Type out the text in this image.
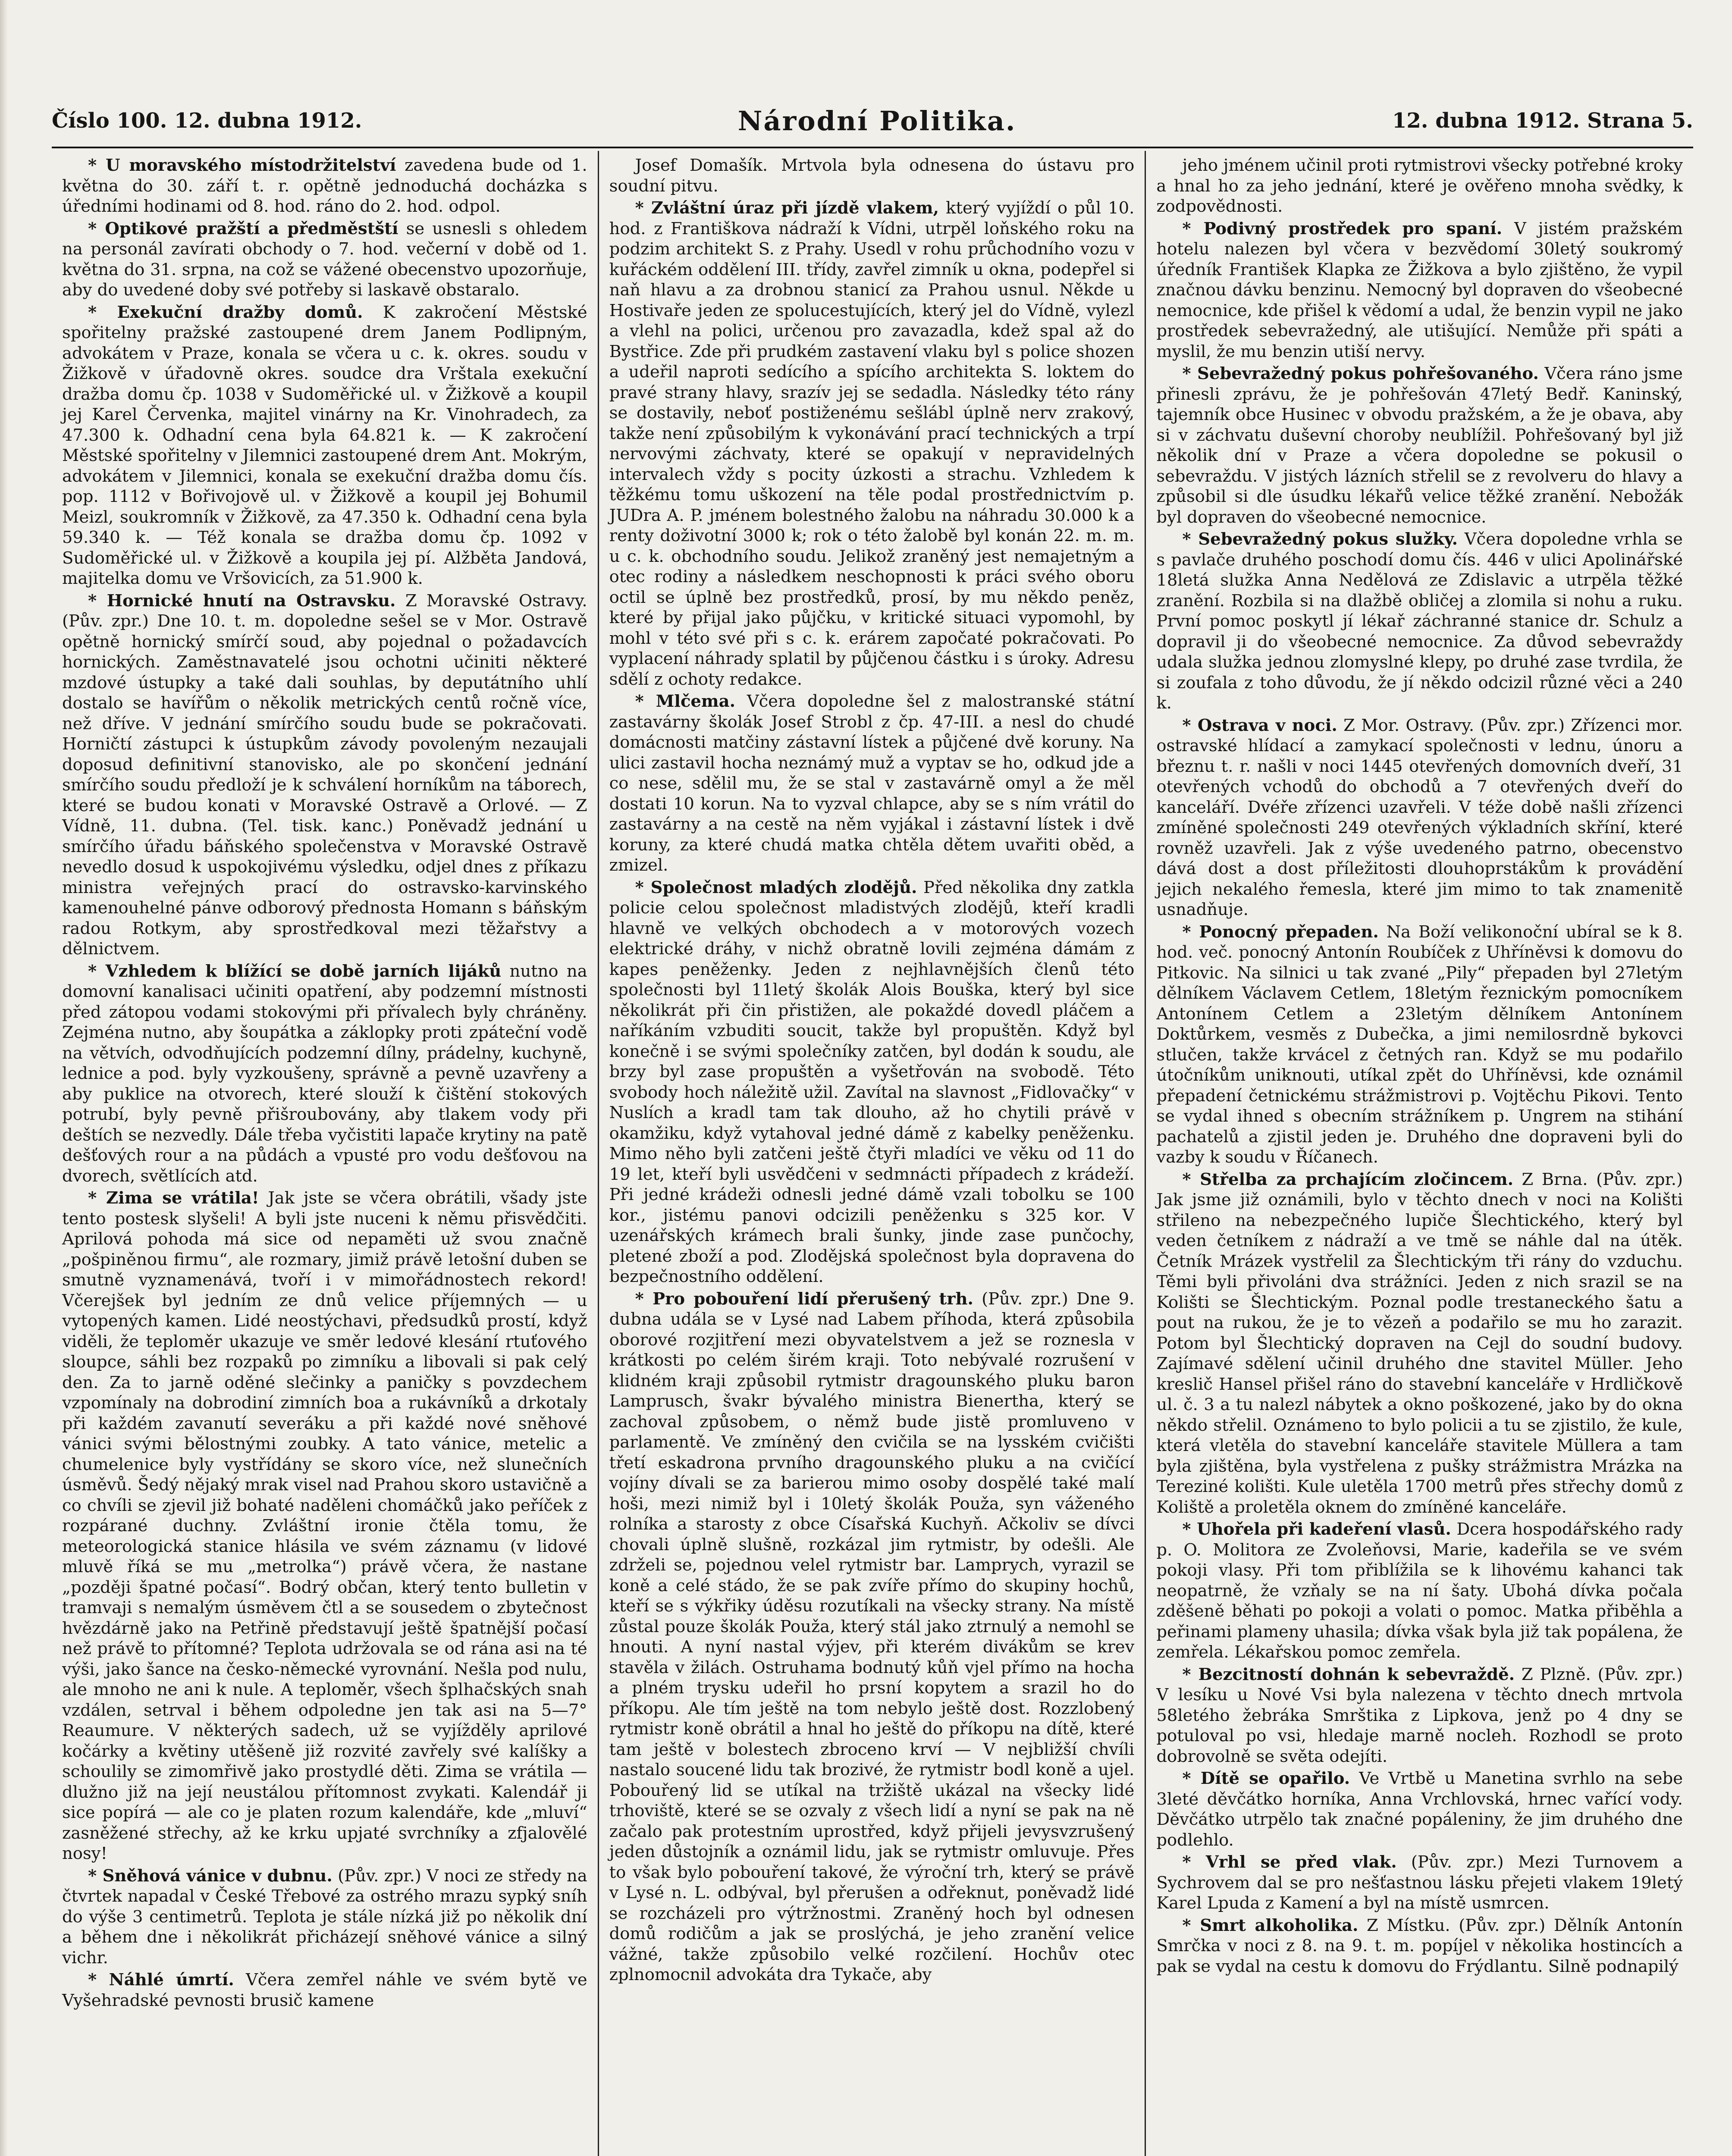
Číslo 100. 12. dubna 1912.	Národní Politika.	12. dubna 1912. Strana 5.

* U moravského místodržitelství zavedena bude od 1. května do 30. září t. r. opětně jednoduchá docházka s úředními hodinami od 8. hod. ráno do 2. hod. odpol.

* Optikové pražští a předměstští se usnesli s ohledem na personál zavírati obchody o 7. hod. večerní v době od 1. května do 31. srpna, na což se vážené obecenstvo upozorňuje, aby do uvedené doby své potřeby si laskavě obstaralo.

* Exekuční dražby domů. K zakročení Městské spořitelny pražské zastoupené drem Janem Podlipným, advokátem v Praze, konala se včera u c. k. okres. soudu v Žižkově v úřadovně okres. soudce dra Vrštala exekuční dražba domu čp. 1038 v Sudoměřické ul. v Žižkově a koupil jej Karel Červenka, majitel vinárny na Kr. Vinohradech, za 47.300 k. Odhadní cena byla 64.821 k. — K zakročení Městské spořitelny v Jilemnici zastoupené drem Ant. Mokrým, advokátem v Jilemnici, konala se exekuční dražba domu čís. pop. 1112 v Bořivojově ul. v Žižkově a koupil jej Bohumil Meizl, soukromník v Žižkově, za 47.350 k. Odhadní cena byla 59.340 k. — Též konala se dražba domu čp. 1092 v Sudoměřické ul. v Žižkově a koupila jej pí. Alžběta Jandová, majitelka domu ve Vršovicích, za 51.900 k.

* Hornické hnutí na Ostravsku. Z Moravské Ostravy. (Pův. zpr.) Dne 10. t. m. dopoledne sešel se v Mor. Ostravě opětně hornický smírčí soud, aby pojednal o požadavcích hornických. Zaměstnavatelé jsou ochotni učiniti některé mzdové ústupky a také dali souhlas, by deputátního uhlí dostalo se havířům o několik metrických centů ročně více, než dříve. V jednání smírčího soudu bude se pokračovati. Horničtí zástupci k ústupkům závody povoleným nezaujali doposud definitivní stanovisko, ale po skončení jednání smírčího soudu předloží je k schválení horníkům na táborech, které se budou konati v Moravské Ostravě a Orlové. — Z Vídně, 11. dubna. (Tel. tisk. kanc.) Poněvadž jednání u smírčího úřadu báňského společenstva v Moravské Ostravě nevedlo dosud k uspokojivému výsledku, odjel dnes z příkazu ministra veřejných prací do ostravsko-karvinského kamenouhelné pánve odborový přednosta Homann s báňským radou Rotkym, aby sprostředkoval mezi těžařstvy a dělnictvem.

* Vzhledem k blížící se době jarních lijáků nutno na domovní kanalisaci učiniti opatření, aby podzemní místnosti před zátopou vodami stokovými při přívalech byly chráněny. Zejména nutno, aby šoupátka a záklopky proti zpáteční vodě na větvích, odvodňujících podzemní dílny, prádelny, kuchyně, lednice a pod. byly vyzkoušeny, správně a pevně uzavřeny a aby puklice na otvorech, které slouží k čištění stokových potrubí, byly pevně přišroubovány, aby tlakem vody při deštích se nezvedly. Dále třeba vyčistiti lapače krytiny na patě dešťových rour a na půdách a vpusté pro vodu dešťovou na dvorech, světlících atd.

* Zima se vrátila! Jak jste se včera obrátili, všady jste tento postesk slyšeli! A byli jste nuceni k němu přisvědčiti. Aprilová pohoda má sice od nepaměti už svou značně „pošpiněnou firmu“, ale rozmary, jimiž právě letošní duben se smutně vyznamenává, tvoří i v mimořádnostech rekord! Včerejšek byl jedním ze dnů velice příjemných — u vytopených kamen. Lidé neostýchavi, předsudků prostí, když viděli, že teploměr ukazuje ve směr ledové klesání rtuťového sloupce, sáhli bez rozpaků po zimníku a libovali si pak celý den. Za to jarně oděné slečinky a paničky s povzdechem vzpomínaly na dobrodiní zimních boa a rukávníků a drkotaly při každém zavanutí severáku a při každé nové sněhové vánici svými bělostnými zoubky. A tato vánice, metelic a chumelenice byly vystřídány se skoro více, než slunečních úsměvů. Šedý nějaký mrak visel nad Prahou skoro ustavičně a co chvíli se zjevil již bohaté naděleni chomáčků jako peříček z rozpárané duchny. Zvláštní ironie čtěla tomu, že meteorologická stanice hlásila ve svém záznamu (v lidové mluvě říká se mu „metrolka“) právě včera, že nastane „později špatné počasí“. Bodrý občan, který tento bulletin v tramvaji s nemalým úsměvem čtl a se sousedem o zbytečnost hvězdárně jako na Petřině představují ještě špatnější počasí než právě to přítomné? Teplota udržovala se od rána asi na té výši, jako šance na česko-německé vyrovnání. Nešla pod nulu, ale mnoho ne ani k nule. A teploměr, všech šplhačských snah vzdálen, setrval i během odpoledne jen tak asi na 5—7° Reaumure. V některých sadech, už se vyjížděly aprilové kočárky a květiny utěšeně již rozvité zavřely své kalíšky a schoulily se zimomřivě jako prostydlé děti. Zima se vrátila — dlužno již na její neustálou přítomnost zvykati. Kalendář ji sice popírá — ale co je platen rozum kalendáře, kde „mluví“ zasněžené střechy, až ke krku upjaté svrchníky a zfjalovělé nosy!

* Sněhová vánice v dubnu. (Pův. zpr.) V noci ze středy na čtvrtek napadal v České Třebové za ostrého mrazu sypký sníh do výše 3 centimetrů. Teplota je stále nízká již po několik dní a během dne i několikrát přicházejí sněhové vánice a silný vichr.

* Náhlé úmrtí. Včera zemřel náhle ve svém bytě ve Vyšehradské pevnosti brusič kamene

Josef Domašík. Mrtvola byla odnesena do ústavu pro soudní pitvu.

* Zvláštní úraz při jízdě vlakem, který vyjíždí o půl 10. hod. z Františkova nádraží k Vídni, utrpěl loňského roku na podzim architekt S. z Prahy. Usedl v rohu průchodního vozu v kuřáckém oddělení III. třídy, zavřel zimník u okna, podepřel si naň hlavu a za drobnou stanicí za Prahou usnul. Někde u Hostivaře jeden ze spolucestujících, který jel do Vídně, vylezl a vlehl na polici, určenou pro zavazadla, kdež spal až do Bystřice. Zde při prudkém zastavení vlaku byl s police shozen a udeřil naproti sedícího a spícího architekta S. loktem do pravé strany hlavy, srazív jej se sedadla. Následky této rány se dostavily, neboť postiženému sešlábl úplně nerv zrakový, takže není způsobilým k vykonávání prací technických a trpí nervovými záchvaty, které se opakují v nepravidelných intervalech vždy s pocity úzkosti a strachu. Vzhledem k těžkému tomu uškození na těle podal prostřednictvím p. JUDra A. P. jménem bolestného žalobu na náhradu 30.000 k a renty doživotní 3000 k; rok o této žalobě byl konán 22. m. m. u c. k. obchodního soudu. Jelikož zraněný jest nemajetným a otec rodiny a následkem neschopnosti k práci svého oboru octil se úplně bez prostředků, prosí, by mu někdo peněz, které by přijal jako půjčku, v kritické situaci vypomohl, by mohl v této své při s c. k. erárem započaté pokračovati. Po vyplacení náhrady splatil by půjčenou částku i s úroky. Adresu sdělí z ochoty redakce.

* Mlčema. Včera dopoledne šel z malostranské státní zastavárny školák Josef Strobl z čp. 47-III. a nesl do chudé domácnosti matčiny zástavní lístek a půjčené dvě koruny. Na ulici zastavil hocha neznámý muž a vyptav se ho, odkud jde a co nese, sdělil mu, že se stal v zastavárně omyl a že měl dostati 10 korun. Na to vyzval chlapce, aby se s ním vrátil do zastavárny a na cestě na něm vyjákal i zástavní lístek i dvě koruny, za které chudá matka chtěla dětem uvařiti oběd, a zmizel.

* Společnost mladých zlodějů. Před několika dny zatkla policie celou společnost mladistvých zlodějů, kteří kradli hlavně ve velkých obchodech a v motorových vozech elektrické dráhy, v nichž obratně lovili zejména dámám z kapes peněženky. Jeden z nejhlavnějších členů této společnosti byl 11letý školák Alois Bouška, který byl sice několikrát při čin přistižen, ale pokaždé dovedl pláčem a naříkáním vzbuditi soucit, takže byl propuštěn. Když byl konečně i se svými společníky zatčen, byl dodán k soudu, ale brzy byl zase propuštěn a vyšetřován na svobodě. Této svobody hoch náležitě užil. Zavítal na slavnost „Fidlovačky“ v Nuslích a kradl tam tak dlouho, až ho chytili právě v okamžiku, když vytahoval jedné dámě z kabelky peněženku. Mimo něho byli zatčeni ještě čtyři mladíci ve věku od 11 do 19 let, kteří byli usvědčeni v sedmnácti případech z krádeží. Při jedné krádeži odnesli jedné dámě vzali tobolku se 100 kor., jistému panovi odcizili peněženku s 325 kor. V uzenářských krámech brali šunky, jinde zase punčochy, pletené zboží a pod. Zlodějská společnost byla dopravena do bezpečnostního oddělení.

* Pro pobouření lidí přerušený trh. (Pův. zpr.) Dne 9. dubna udála se v Lysé nad Labem příhoda, která způsobila oborové rozjitření mezi obyvatelstvem a jež se roznesla v krátkosti po celém širém kraji. Toto nebývalé rozrušení v klidném kraji způsobil rytmistr dragounského pluku baron Lamprusch, švakr bývalého ministra Bienertha, který se zachoval způsobem, o němž bude jistě promluveno v parlamentě. Ve zmíněný den cvičila se na lysském cvičišti třetí eskadrona prvního dragounského pluku a na cvičící vojíny dívali se za barierou mimo osoby dospělé také malí hoši, mezi nimiž byl i 10letý školák Použa, syn váženého rolníka a starosty z obce Císařská Kuchyň. Ačkoliv se dívci chovali úplně slušně, rozkázal jim rytmistr, by odešli. Ale zdrželi se, pojednou velel rytmistr bar. Lamprych, vyrazil se koně a celé stádo, že se pak zvíře přímo do skupiny hochů, kteří se s výkřiky úděsu rozutíkali na všecky strany. Na místě zůstal pouze školák Použa, který stál jako ztrnulý a nemohl se hnouti. A nyní nastal výjev, při kterém divákům se krev stavěla v žilách. Ostruhama bodnutý kůň vjel přímo na hocha a plném trysku udeřil ho prsní kopytem a srazil ho do příkopu. Ale tím ještě na tom nebylo ještě dost. Rozzlobený rytmistr koně obrátil a hnal ho ještě do příkopu na dítě, které tam ještě v bolestech zbroceno krví — V nejbližší chvíli nastalo soucené lidu tak brozivé, že rytmistr bodl koně a ujel. Pobouřený lid se utíkal na tržiště ukázal na všecky lidé trhoviště, které se se ozvaly z všech lidí a nyní se pak na ně začalo pak protestním uprostřed, když přijeli jevysvzrušený jeden důstojník a oznámil lidu, jak se rytmistr omluvuje. Přes to však bylo pobouření takové, že výroční trh, který se právě v Lysé n. L. odbýval, byl přerušen a odřeknut, poněvadž lidé se rozcházeli pro výtržnostmi. Zraněný hoch byl odnesen domů rodičům a jak se proslýchá, je jeho zranění velice vážné, takže způsobilo velké rozčilení. Hochův otec zplnomocnil advokáta dra Tykače, aby

jeho jménem učinil proti rytmistrovi všecky potřebné kroky a hnal ho za jeho jednání, které je ověřeno mnoha svědky, k zodpovědnosti.

* Podivný prostředek pro spaní. V jistém pražském hotelu nalezen byl včera v bezvědomí 30letý soukromý úředník František Klapka ze Žižkova a bylo zjištěno, že vypil značnou dávku benzinu. Nemocný byl dopraven do všeobecné nemocnice, kde přišel k vědomí a udal, že benzin vypil ne jako prostředek sebevražedný, ale utišující. Nemůže při spáti a myslil, že mu benzin utiší nervy.

* Sebevražedný pokus pohřešovaného. Včera ráno jsme přinesli zprávu, že je pohřešován 47letý Bedř. Kaninský, tajemník obce Husinec v obvodu pražském, a že je obava, aby si v záchvatu duševní choroby neublížil. Pohřešovaný byl již několik dní v Praze a včera dopoledne se pokusil o sebevraždu. V jistých lázních střelil se z revolveru do hlavy a způsobil si dle úsudku lékařů velice těžké zranění. Nebožák byl dopraven do všeobecné nemocnice.

* Sebevražedný pokus služky. Včera dopoledne vrhla se s pavlače druhého poschodí domu čís. 446 v ulici Apolinářské 18letá služka Anna Nedělová ze Zdislavic a utrpěla těžké zranění. Rozbila si na dlažbě obličej a zlomila si nohu a ruku. První pomoc poskytl jí lékař záchranné stanice dr. Schulz a dopravil ji do všeobecné nemocnice. Za důvod sebevraždy udala služka jednou zlomyslné klepy, po druhé zase tvrdila, že si zoufala z toho důvodu, že jí někdo odcizil různé věci a 240 k.

* Ostrava v noci. Z Mor. Ostravy. (Pův. zpr.) Zřízenci mor. ostravské hlídací a zamykací společnosti v lednu, únoru a březnu t. r. našli v noci 1445 otevřených domovních dveří, 31 otevřených vchodů do obchodů a 7 otevřených dveří do kanceláří. Dvéře zřízenci uzavřeli. V téže době našli zřízenci zmíněné společnosti 249 otevřených výkladních skříní, které rovněž uzavřeli. Jak z výše uvedeného patrno, obecenstvo dává dost a dost příležitosti dlouhoprstákům k provádění jejich nekalého řemesla, které jim mimo to tak znamenitě usnadňuje.

* Ponocný přepaden. Na Boží velikonoční ubíral se k 8. hod. več. ponocný Antonín Roubíček z Uhříněvsi k domovu do Pitkovic. Na silnici u tak zvané „Pily“ přepaden byl 27letým dělníkem Václavem Cetlem, 18letým řeznickým pomocníkem Antonínem Cetlem a 23letým dělníkem Antonínem Doktůrkem, vesměs z Dubečka, a jimi nemilosrdně bykovci stlučen, takže krvácel z četných ran. Když se mu podařilo útočníkům uniknouti, utíkal zpět do Uhříněvsi, kde oznámil přepadení četnickému strážmistrovi p. Vojtěchu Pikovi. Tento se vydal ihned s obecním strážníkem p. Ungrem na stihání pachatelů a zjistil jeden je. Druhého dne dopraveni byli do vazby k soudu v Říčanech.

* Střelba za prchajícím zločincem. Z Brna. (Pův. zpr.) Jak jsme již oznámili, bylo v těchto dnech v noci na Kolišti střileno na nebezpečného lupiče Šlechtického, který byl veden četníkem z nádraží a ve tmě se náhle dal na útěk. Četník Mrázek vystřelil za Šlechtickým tři rány do vzduchu. Těmi byli přivoláni dva strážníci. Jeden z nich srazil se na Kolišti se Šlechtickým. Poznal podle trestaneckého šatu a pout na rukou, že je to vězeň a podařilo se mu ho zarazit. Potom byl Šlechtický dopraven na Cejl do soudní budovy. Zajímavé sdělení učinil druhého dne stavitel Müller. Jeho kreslič Hansel přišel ráno do stavební kanceláře v Hrdličkově ul. č. 3 a tu nalezl nábytek a okno poškozené, jako by do okna někdo střelil. Oznámeno to bylo policii a tu se zjistilo, že kule, která vletěla do stavební kanceláře stavitele Müllera a tam byla zjištěna, byla vystřelena z pušky strážmistra Mrázka na Tereziné kolišti. Kule uletěla 1700 metrů přes střechy domů z Koliště a proletěla oknem do zmíněné kanceláře.

* Uhořela při kadeření vlasů. Dcera hospodářského rady p. O. Molitora ze Zvoleňovsi, Marie, kadeřila se ve svém pokoji vlasy. Při tom přiblížila se k lihovému kahanci tak neopatrně, že vzňaly se na ní šaty. Ubohá dívka počala zděšeně běhati po pokoji a volati o pomoc. Matka přiběhla a peřinami plameny uhasila; dívka však byla již tak popálena, že zemřela. Lékařskou pomoc zemřela.

* Bezcitností dohnán k sebevraždě. Z Plzně. (Pův. zpr.) V lesíku u Nové Vsi byla nalezena v těchto dnech mrtvola 58letého žebráka Smrštika z Lipkova, jenž po 4 dny se potuloval po vsi, hledaje marně nocleh. Rozhodl se proto dobrovolně se světa odejíti.

* Dítě se opařilo. Ve Vrtbě u Manetina svrhlo na sebe 3leté děvčátko horníka, Anna Vrchlovská, hrnec vařící vody. Děvčátko utrpělo tak značné popáleniny, že jim druhého dne podlehlo.

* Vrhl se před vlak. (Pův. zpr.) Mezi Turnovem a Sychrovem dal se pro nešťastnou lásku přejeti vlakem 19letý Karel Lpuda z Kamení a byl na místě usmrcen.

* Smrt alkoholika. Z Místku. (Pův. zpr.) Dělník Antonín Smrčka v noci z 8. na 9. t. m. popíjel v několika hostincích a pak se vydal na cestu k domovu do Frýdlantu. Silně podnapilý
